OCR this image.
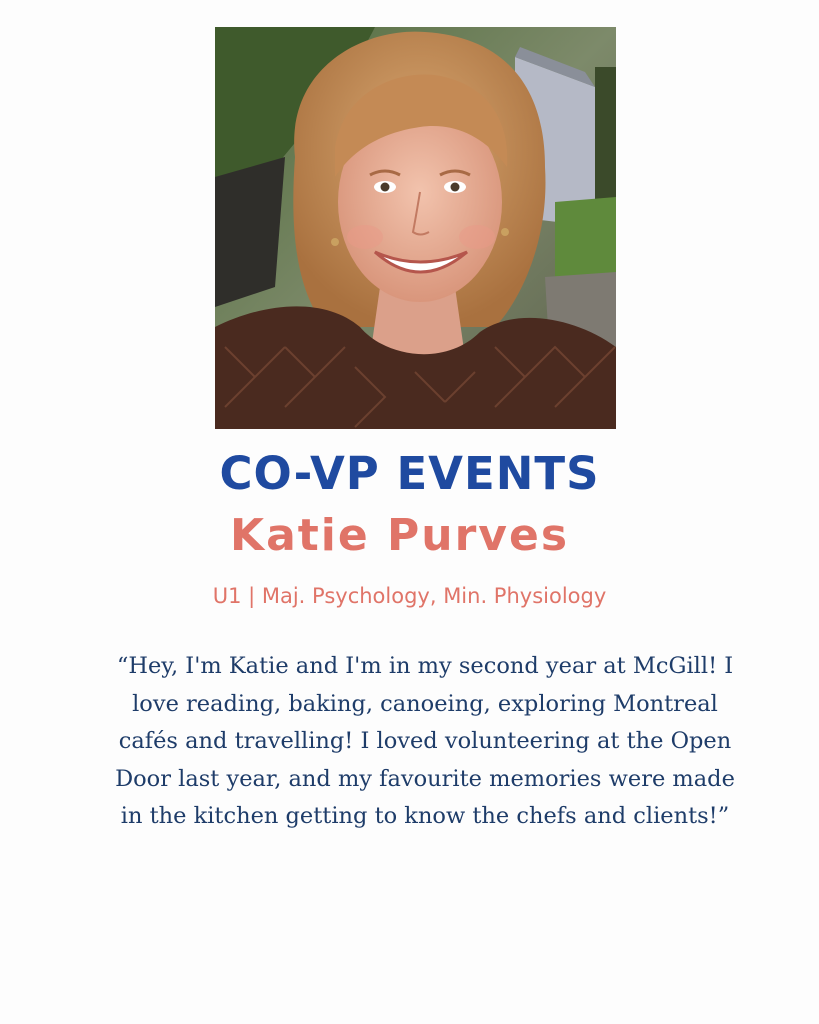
CO-VP EVENTS
Katie Purves
U1 | Maj. Psychology, Min. Physiology
“Hey, I'm Katie and I'm in my second year at McGill! I love reading, baking, canoeing, exploring Montreal cafés and travelling! I loved volunteering at the Open Door last year, and my favourite memories were made in the kitchen getting to know the chefs and clients!”
